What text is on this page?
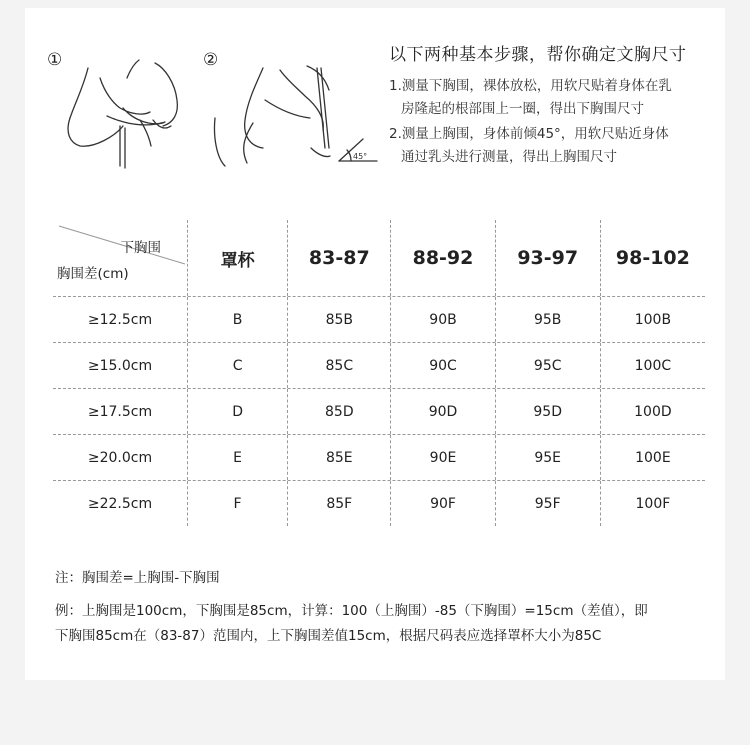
①	②
45°
以下两种基本步骤，帮你确定文胸尺寸
1.测量下胸围，裸体放松，用软尺贴着身体在乳
房隆起的根部围上一圈，得出下胸围尺寸
2.测量上胸围，身体前倾45°，用软尺贴近身体
通过乳头进行测量，得出上胸围尺寸
下胸围
胸围差(cm)
罩杯	83-87	88-92	93-97	98-102
≥12.5cm	B	85B	90B	95B	100B
≥15.0cm	C	85C	90C	95C	100C
≥17.5cm	D	85D	90D	95D	100D
≥20.0cm	E	85E	90E	95E	100E
≥22.5cm	F	85F	90F	95F	100F
注：胸围差=上胸围-下胸围
例：上胸围是100cm，下胸围是85cm，计算：100（上胸围）-85（下胸围）=15cm（差值），即
下胸围85cm在（83-87）范围内，上下胸围差值15cm，根据尺码表应选择罩杯大小为85C
